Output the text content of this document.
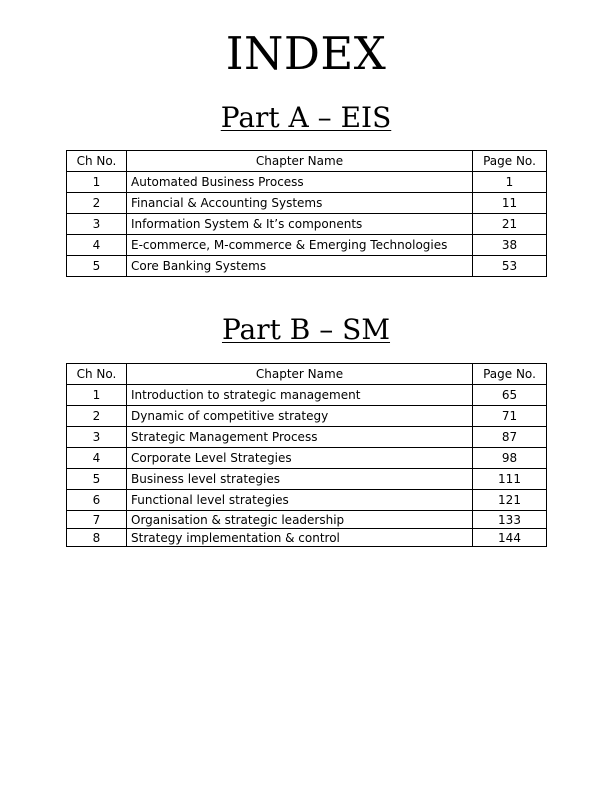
INDEX
Part A – EIS
Ch No.	Chapter Name	Page No.
1	Automated Business Process	1
2	Financial & Accounting Systems	11
3	Information System & It’s components	21
4	E-commerce, M-commerce & Emerging Technologies	38
5	Core Banking Systems	53
Part B – SM
Ch No.	Chapter Name	Page No.
1	Introduction to strategic management	65
2	Dynamic of competitive strategy	71
3	Strategic Management Process	87
4	Corporate Level Strategies	98
5	Business level strategies	111
6	Functional level strategies	121
7	Organisation & strategic leadership	133
8	Strategy implementation & control	144
